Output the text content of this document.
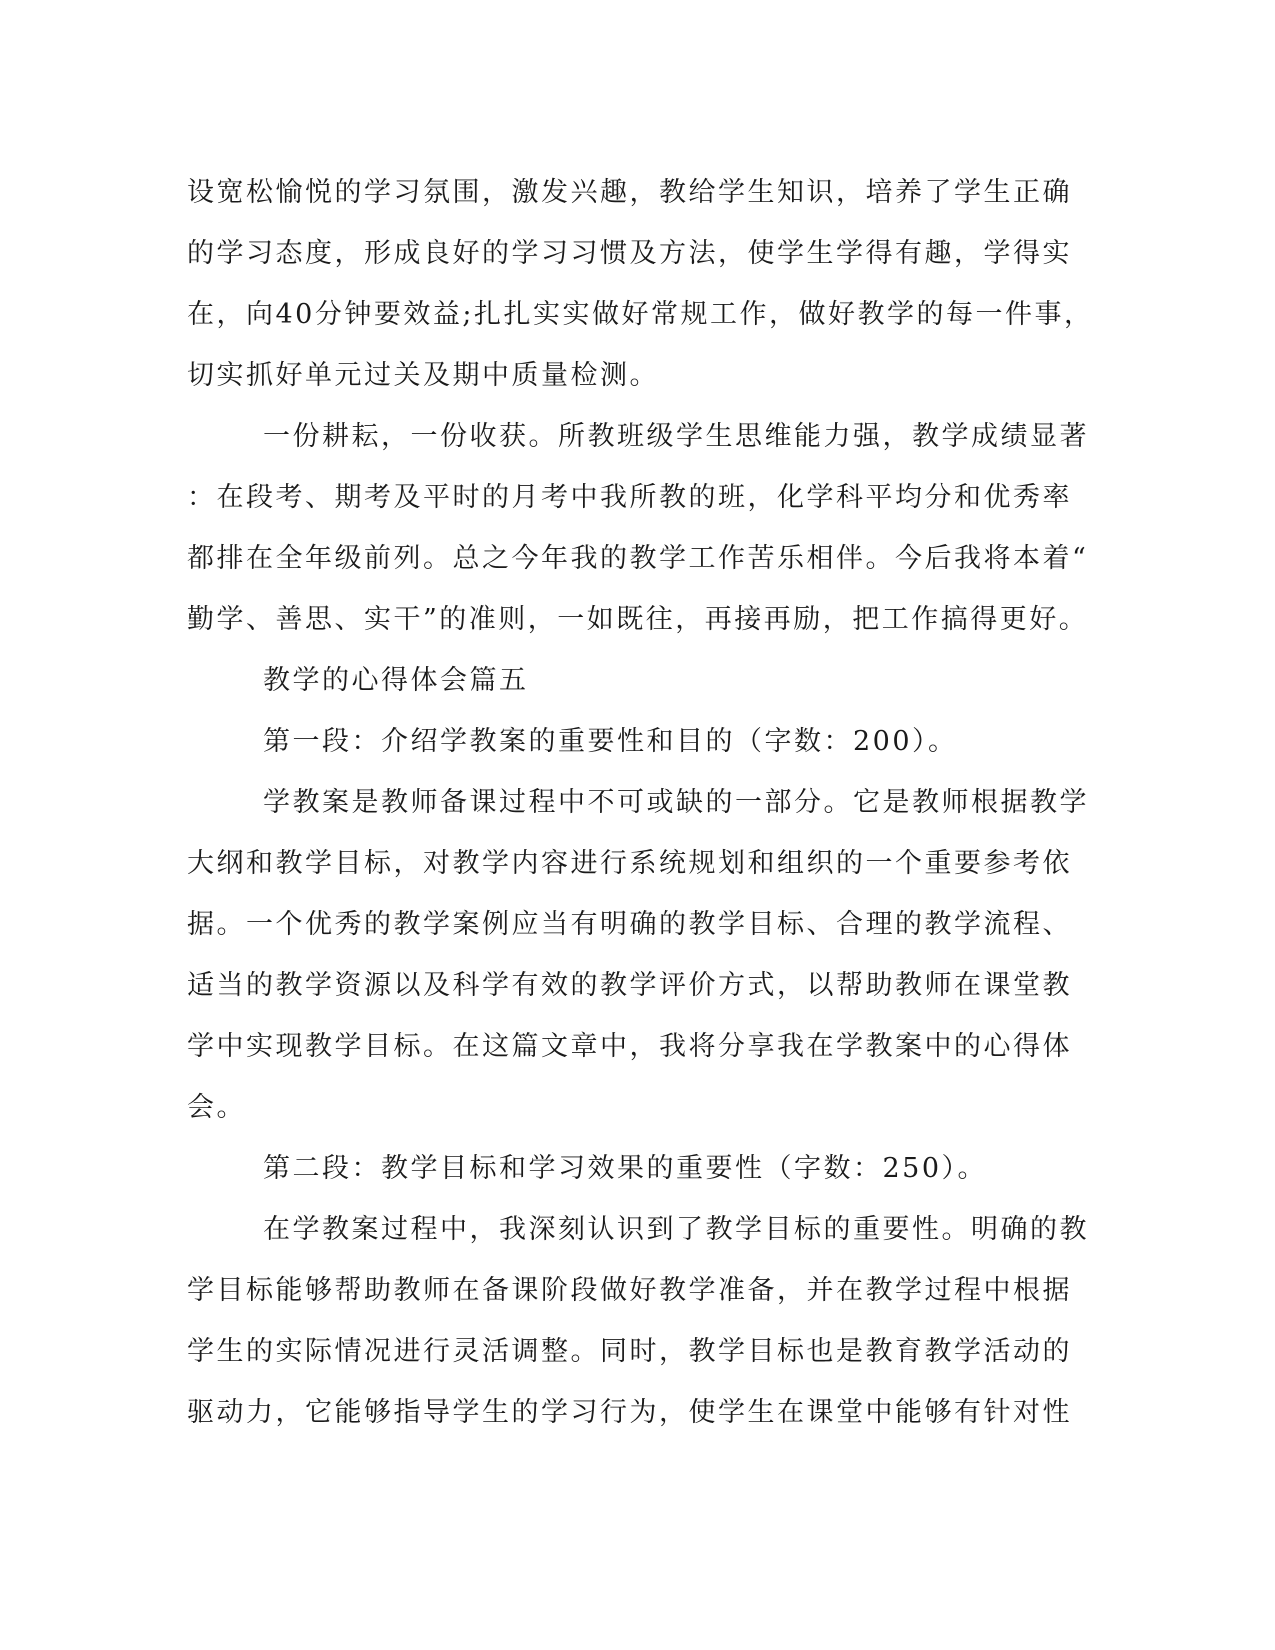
设宽松愉悦的学习氛围，激发兴趣，教给学生知识，培养了学生正确
的学习态度，形成良好的学习习惯及方法，使学生学得有趣，学得实
在，向40分钟要效益;扎扎实实做好常规工作，做好教学的每一件事，
切实抓好单元过关及期中质量检测。
一份耕耘，一份收获。所教班级学生思维能力强，教学成绩显著
：在段考、期考及平时的月考中我所教的班，化学科平均分和优秀率
都排在全年级前列。总之今年我的教学工作苦乐相伴。今后我将本着“
勤学、善思、实干”的准则，一如既往，再接再励，把工作搞得更好。
教学的心得体会篇五
第一段：介绍学教案的重要性和目的（字数：200）。
学教案是教师备课过程中不可或缺的一部分。它是教师根据教学
大纲和教学目标，对教学内容进行系统规划和组织的一个重要参考依
据。一个优秀的教学案例应当有明确的教学目标、合理的教学流程、
适当的教学资源以及科学有效的教学评价方式，以帮助教师在课堂教
学中实现教学目标。在这篇文章中，我将分享我在学教案中的心得体
会。
第二段：教学目标和学习效果的重要性（字数：250）。
在学教案过程中，我深刻认识到了教学目标的重要性。明确的教
学目标能够帮助教师在备课阶段做好教学准备，并在教学过程中根据
学生的实际情况进行灵活调整。同时，教学目标也是教育教学活动的
驱动力，它能够指导学生的学习行为，使学生在课堂中能够有针对性
